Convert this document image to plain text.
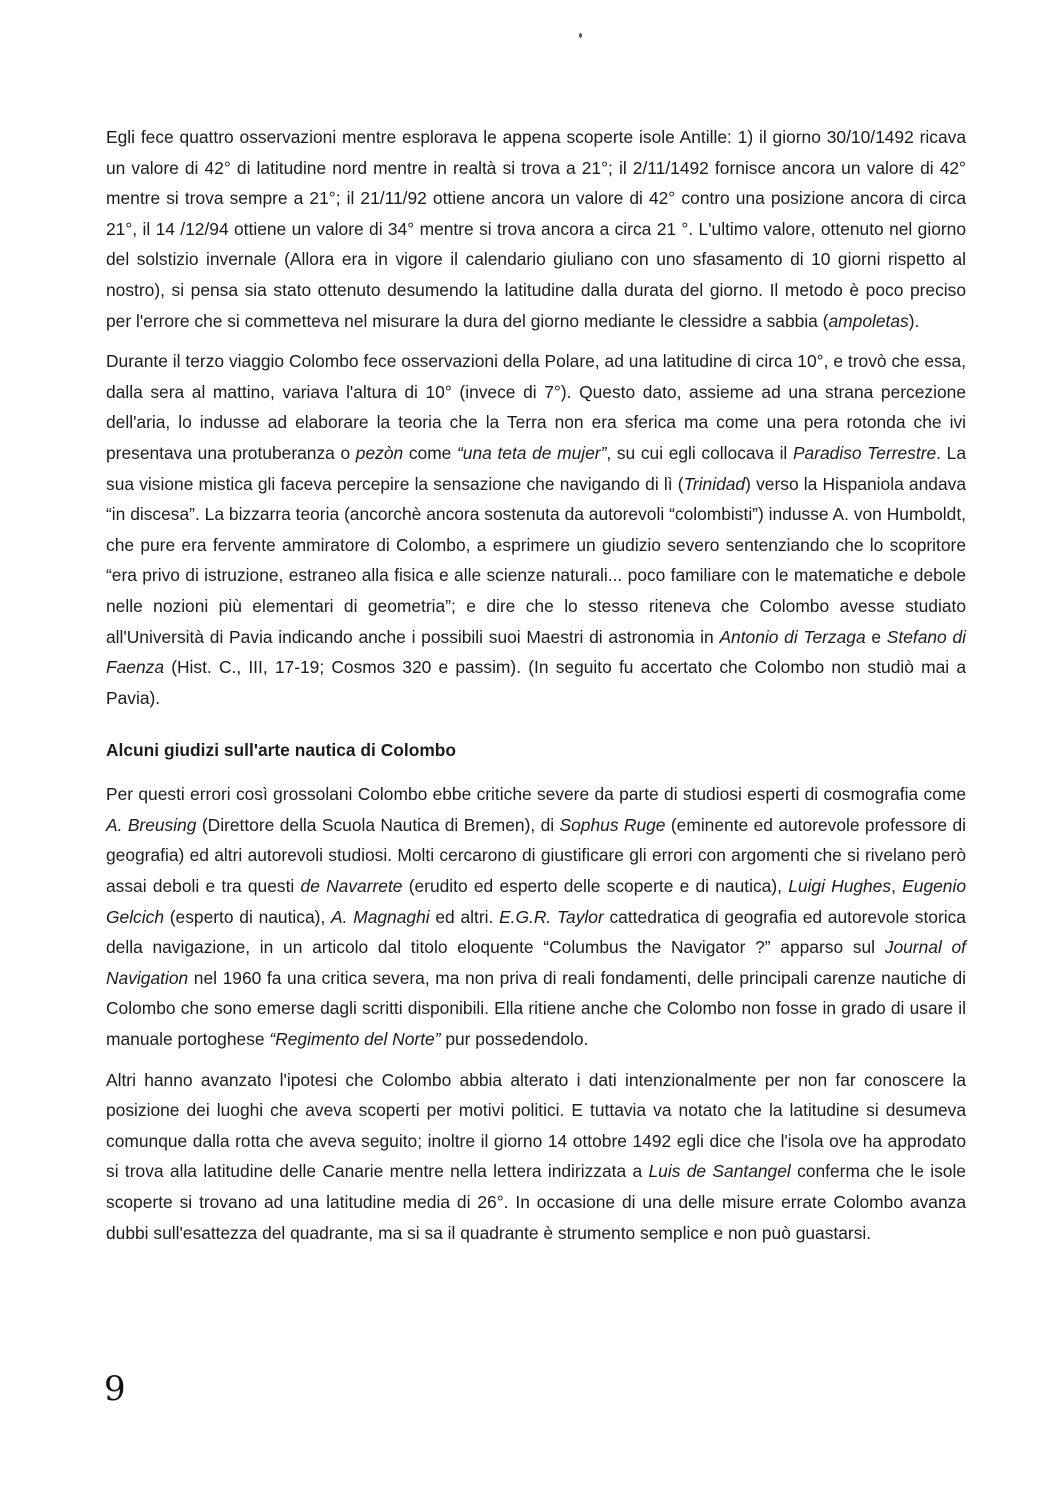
Egli fece quattro osservazioni mentre esplorava le appena scoperte isole Antille: 1) il giorno 30/10/1492 ricava un valore di 42° di latitudine nord mentre in realtà si trova a 21°; il 2/11/1492 fornisce ancora un valore di 42° mentre si trova sempre a 21°; il 21/11/92 ottiene ancora un valore di 42° contro una posizione ancora di circa 21°, il 14 /12/94 ottiene un valore di 34° mentre si trova ancora a circa 21 °. L'ultimo valore, ottenuto nel giorno del solstizio invernale (Allora era in vigore il calendario giuliano con uno sfasamento di 10 giorni rispetto al nostro), si pensa sia stato ottenuto desumendo la latitudine dalla durata del giorno. Il metodo è poco preciso per l'errore che si commetteva nel misurare la dura del giorno mediante le clessidre a sabbia (ampoletas).

Durante il terzo viaggio Colombo fece osservazioni della Polare, ad una latitudine di circa 10°, e trovò che essa, dalla sera al mattino, variava l'altura di 10° (invece di 7°). Questo dato, assieme ad una strana percezione dell'aria, lo indusse ad elaborare la teoria che la Terra non era sferica ma come una pera rotonda che ivi presentava una protuberanza o pezòn come “una teta de mujer”, su cui egli collocava il Paradiso Terrestre. La sua visione mistica gli faceva percepire la sensazione che navigando di lì (Trinidad) verso la Hispaniola andava “in discesa”. La bizzarra teoria (ancorchè ancora sostenuta da autorevoli “colombisti”) indusse A. von Humboldt, che pure era fervente ammiratore di Colombo, a esprimere un giudizio severo sentenziando che lo scopritore “era privo di istruzione, estraneo alla fisica e alle scienze naturali... poco familiare con le matematiche e debole nelle nozioni più elementari di geometria”; e dire che lo stesso riteneva che Colombo avesse studiato all'Università di Pavia indicando anche i possibili suoi Maestri di astronomia in Antonio di Terzaga e Stefano di Faenza (Hist. C., III, 17-19; Cosmos 320 e passim). (In seguito fu accertato che Colombo non studiò mai a Pavia).

Alcuni giudizi sull'arte nautica di Colombo

Per questi errori così grossolani Colombo ebbe critiche severe da parte di studiosi esperti di cosmografia come A. Breusing (Direttore della Scuola Nautica di Bremen), di Sophus Ruge (eminente ed autorevole professore di geografia) ed altri autorevoli studiosi. Molti cercarono di giustificare gli errori con argomenti che si rivelano però assai deboli e tra questi de Navarrete (erudito ed esperto delle scoperte e di nautica), Luigi Hughes, Eugenio Gelcich (esperto di nautica), A. Magnaghi ed altri. E.G.R. Taylor cattedratica di geografia ed autorevole storica della navigazione, in un articolo dal titolo eloquente “Columbus the Navigator ?” apparso sul Journal of Navigation nel 1960 fa una critica severa, ma non priva di reali fondamenti, delle principali carenze nautiche di Colombo che sono emerse dagli scritti disponibili. Ella ritiene anche che Colombo non fosse in grado di usare il manuale portoghese “Regimento del Norte” pur possedendolo.

Altri hanno avanzato l'ipotesi che Colombo abbia alterato i dati intenzionalmente per non far conoscere la posizione dei luoghi che aveva scoperti per motivi politici. E tuttavia va notato che la latitudine si desumeva comunque dalla rotta che aveva seguito; inoltre il giorno 14 ottobre 1492 egli dice che l'isola ove ha approdato si trova alla latitudine delle Canarie mentre nella lettera indirizzata a Luis de Santangel conferma che le isole scoperte si trovano ad una latitudine media di 26°. In occasione di una delle misure errate Colombo avanza dubbi sull'esattezza del quadrante, ma si sa il quadrante è strumento semplice e non può guastarsi.

9
